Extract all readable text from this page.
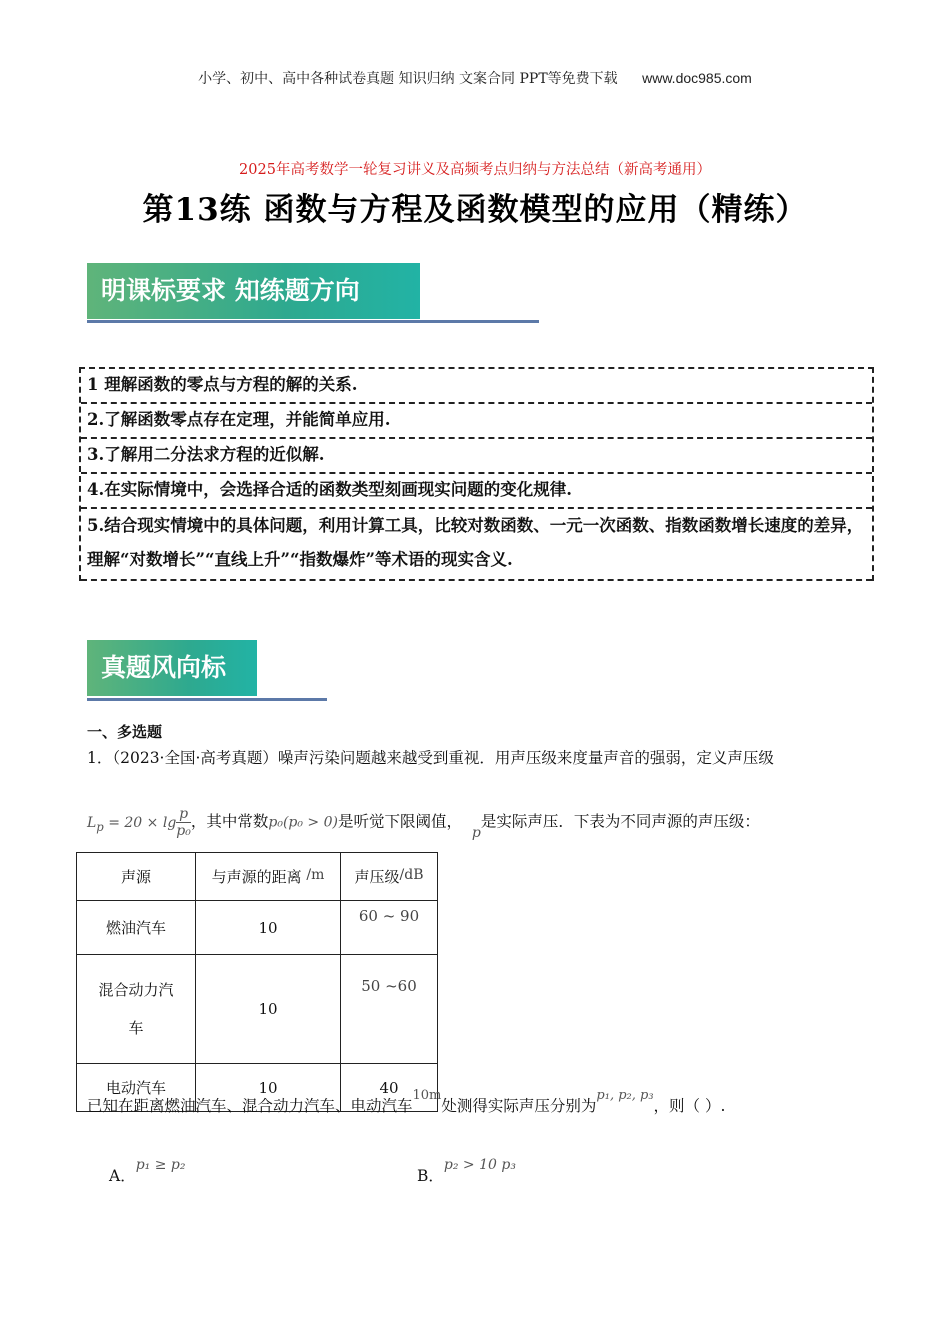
小学、初中、高中各种试卷真题 知识归纳 文案合同 PPT等免费下载 www.doc985.com
2025年高考数学一轮复习讲义及高频考点归纳与方法总结（新高考通用）
第13练 函数与方程及函数模型的应用（精练）
明课标要求 知练题方向
1 理解函数的零点与方程的解的关系.
2.了解函数零点存在定理，并能简单应用.
3.了解用二分法求方程的近似解.
4.在实际情境中，会选择合适的函数类型刻画现实问题的变化规律.
5.结合现实情境中的具体问题，利用计算工具，比较对数函数、一元一次函数、指数函数增长速度的差异，理解“对数增长”“直线上升”“指数爆炸”等术语的现实含义.
真题风向标
一、多选题
1．（2023·全国·高考真题）噪声污染问题越来越受到重视．用声压级来度量声音的强弱，定义声压级
$L_p = 20 \times \lg \frac{p}{\text{p₀}}$ ，其中常数p₀(p₀ > 0)是听觉下限阈值，  p是实际声压．下表为不同声源的声压级：
声源	与声源的距离 /m	声压级/dB
燃油汽车	10	60 ~ 90

混合动力汽车	10	50 ~60
电动汽车	10	40
已知在距离燃油汽车、混合动力汽车、电动汽车$^{10m}$处测得实际声压分别为$^{p_1, p_2, p_3}$，则（ ）.
A．p₁ ≥ p₂
B．p₂ > 10 p₃
